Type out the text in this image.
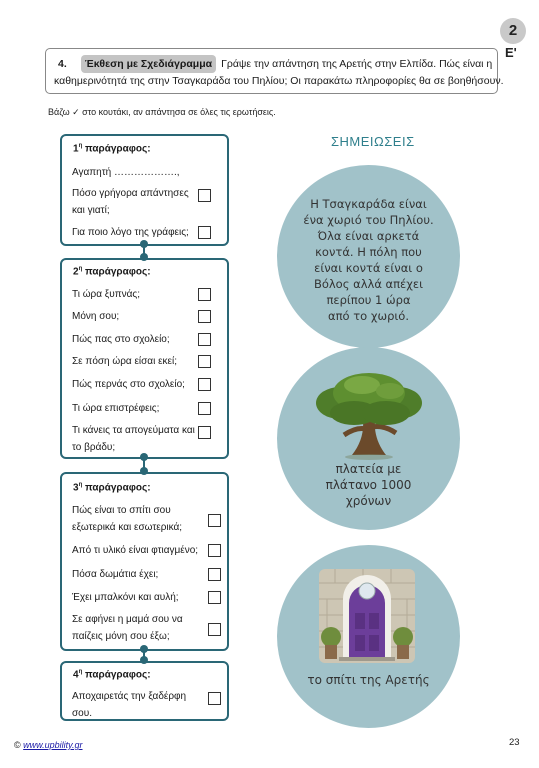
2
Ε'
4.	Έκθεση με Σχεδιάγραμμα Γράψε την απάντηση της Αρετής στην Ελπίδα. Πώς είναι η
καθημερινότητά της στην Τσαγκαράδα του Πηλίου; Οι παρακάτω πληροφορίες θα σε βοηθήσουν.
Βάζω ✓ στο κουτάκι, αν απάντησα σε όλες τις ερωτήσεις.
$1^\eta$ παράγραφος:
Αγαπητή ……………….,
Πόσο γρήγορα απάντησες και γιατί;
Για ποιο λόγο της γράφεις;
$2^\eta$ παράγραφος:
Τι ώρα ξυπνάς;
Μόνη σου;
Πώς πας στο σχολείο;
Σε πόση ώρα είσαι εκεί;
Πώς περνάς στο σχολείο;
Τι ώρα επιστρέφεις;
Τι κάνεις τα απογεύματα και το βράδυ;
$3^\eta$ παράγραφος:
Πώς είναι το σπίτι σου εξωτερικά και εσωτερικά;
Από τι υλικό είναι φτιαγμένο;
Πόσα δωμάτια έχει;
Έχει μπαλκόνι και αυλή;
Σε αφήνει η μαμά σου να παίζεις μόνη σου έξω;
$4^\eta$ παράγραφος:
Αποχαιρετάς την ξαδέρφη σου.
ΣΗΜΕΙΩΣΕΙΣ
Η Τσαγκαράδα είναι
ένα χωριό του Πηλίου.
Όλα είναι αρκετά
κοντά. Η πόλη που
είναι κοντά είναι ο
Βόλος αλλά απέχει
περίπου 1 ώρα
από το χωριό.
πλατεία με
πλάτανο 1000
χρόνων
το σπίτι της Αρετής
© www.upbility.gr	23
